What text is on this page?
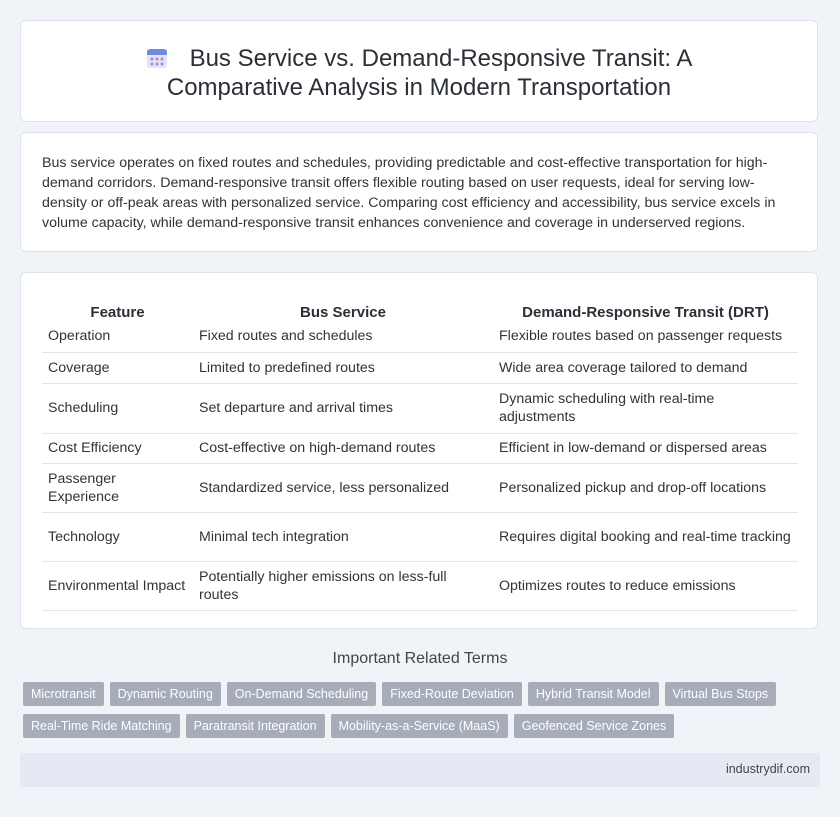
Bus Service vs. Demand-Responsive Transit: A Comparative Analysis in Modern Transportation
Bus service operates on fixed routes and schedules, providing predictable and cost-effective transportation for high-demand corridors. Demand-responsive transit offers flexible routing based on user requests, ideal for serving low-density or off-peak areas with personalized service. Comparing cost efficiency and accessibility, bus service excels in volume capacity, while demand-responsive transit enhances convenience and coverage in underserved regions.
Feature	Bus Service	Demand-Responsive Transit (DRT)
Operation	Fixed routes and schedules	Flexible routes based on passenger requests
Coverage	Limited to predefined routes	Wide area coverage tailored to demand
Scheduling	Set departure and arrival times	Dynamic scheduling with real-time adjustments
Cost Efficiency	Cost-effective on high-demand routes	Efficient in low-demand or dispersed areas
Passenger Experience	Standardized service, less personalized	Personalized pickup and drop-off locations
Technology	Minimal tech integration	Requires digital booking and real-time tracking
Environmental Impact	Potentially higher emissions on less-full routes	Optimizes routes to reduce emissions
Important Related Terms
Microtransit Dynamic Routing On-Demand Scheduling Fixed-Route Deviation Hybrid Transit Model Virtual Bus Stops
Real-Time Ride Matching Paratransit Integration Mobility-as-a-Service (MaaS) Geofenced Service Zones
industrydif.com
